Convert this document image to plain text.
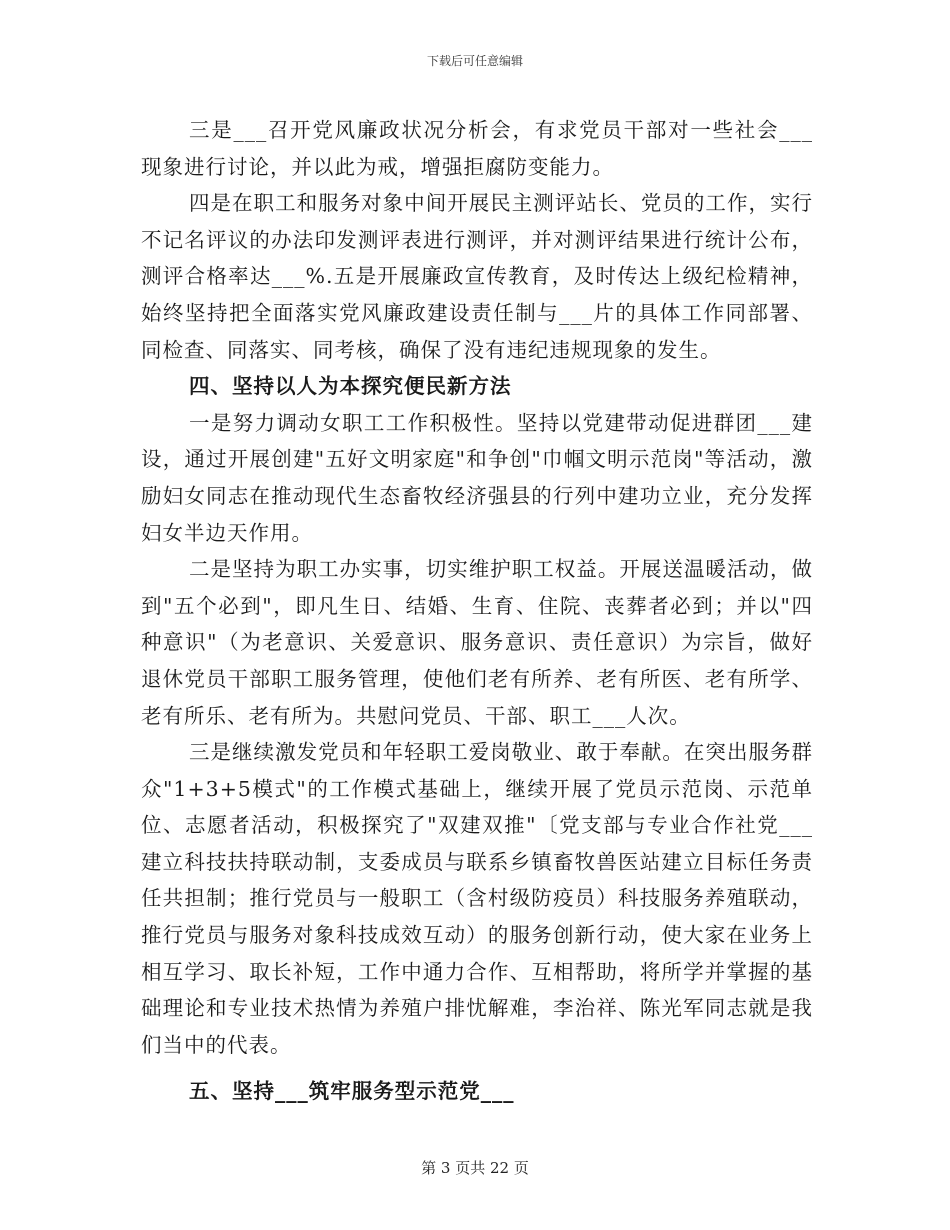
下载后可任意编辑

三是___召开党风廉政状况分析会，有求党员干部对一些社会___现象进行讨论，并以此为戒，增强拒腐防变能力。

四是在职工和服务对象中间开展民主测评站长、党员的工作，实行不记名评议的办法印发测评表进行测评，并对测评结果进行统计公布，测评合格率达___%.五是开展廉政宣传教育，及时传达上级纪检精神，始终坚持把全面落实党风廉政建设责任制与___片的具体工作同部署、同检查、同落实、同考核，确保了没有违纪违规现象的发生。

四、坚持以人为本探究便民新方法

一是努力调动女职工工作积极性。坚持以党建带动促进群团___建设，通过开展创建"五好文明家庭"和争创"巾帼文明示范岗"等活动，激励妇女同志在推动现代生态畜牧经济强县的行列中建功立业，充分发挥妇女半边天作用。

二是坚持为职工办实事，切实维护职工权益。开展送温暖活动，做到"五个必到"，即凡生日、结婚、生育、住院、丧葬者必到；并以"四种意识"（为老意识、关爱意识、服务意识、责任意识）为宗旨，做好退休党员干部职工服务管理，使他们老有所养、老有所医、老有所学、老有所乐、老有所为。共慰问党员、干部、职工___人次。

三是继续激发党员和年轻职工爱岗敬业、敢于奉献。在突出服务群众"1+3+5模式"的工作模式基础上，继续开展了党员示范岗、示范单位、志愿者活动，积极探究了"双建双推"〔党支部与专业合作社党___建立科技扶持联动制，支委成员与联系乡镇畜牧兽医站建立目标任务责任共担制；推行党员与一般职工（含村级防疫员）科技服务养殖联动，推行党员与服务对象科技成效互动）的服务创新行动，使大家在业务上相互学习、取长补短，工作中通力合作、互相帮助，将所学并掌握的基础理论和专业技术热情为养殖户排忧解难，李治祥、陈光军同志就是我们当中的代表。

五、坚持___筑牢服务型示范党___

第 3 页共 22 页
